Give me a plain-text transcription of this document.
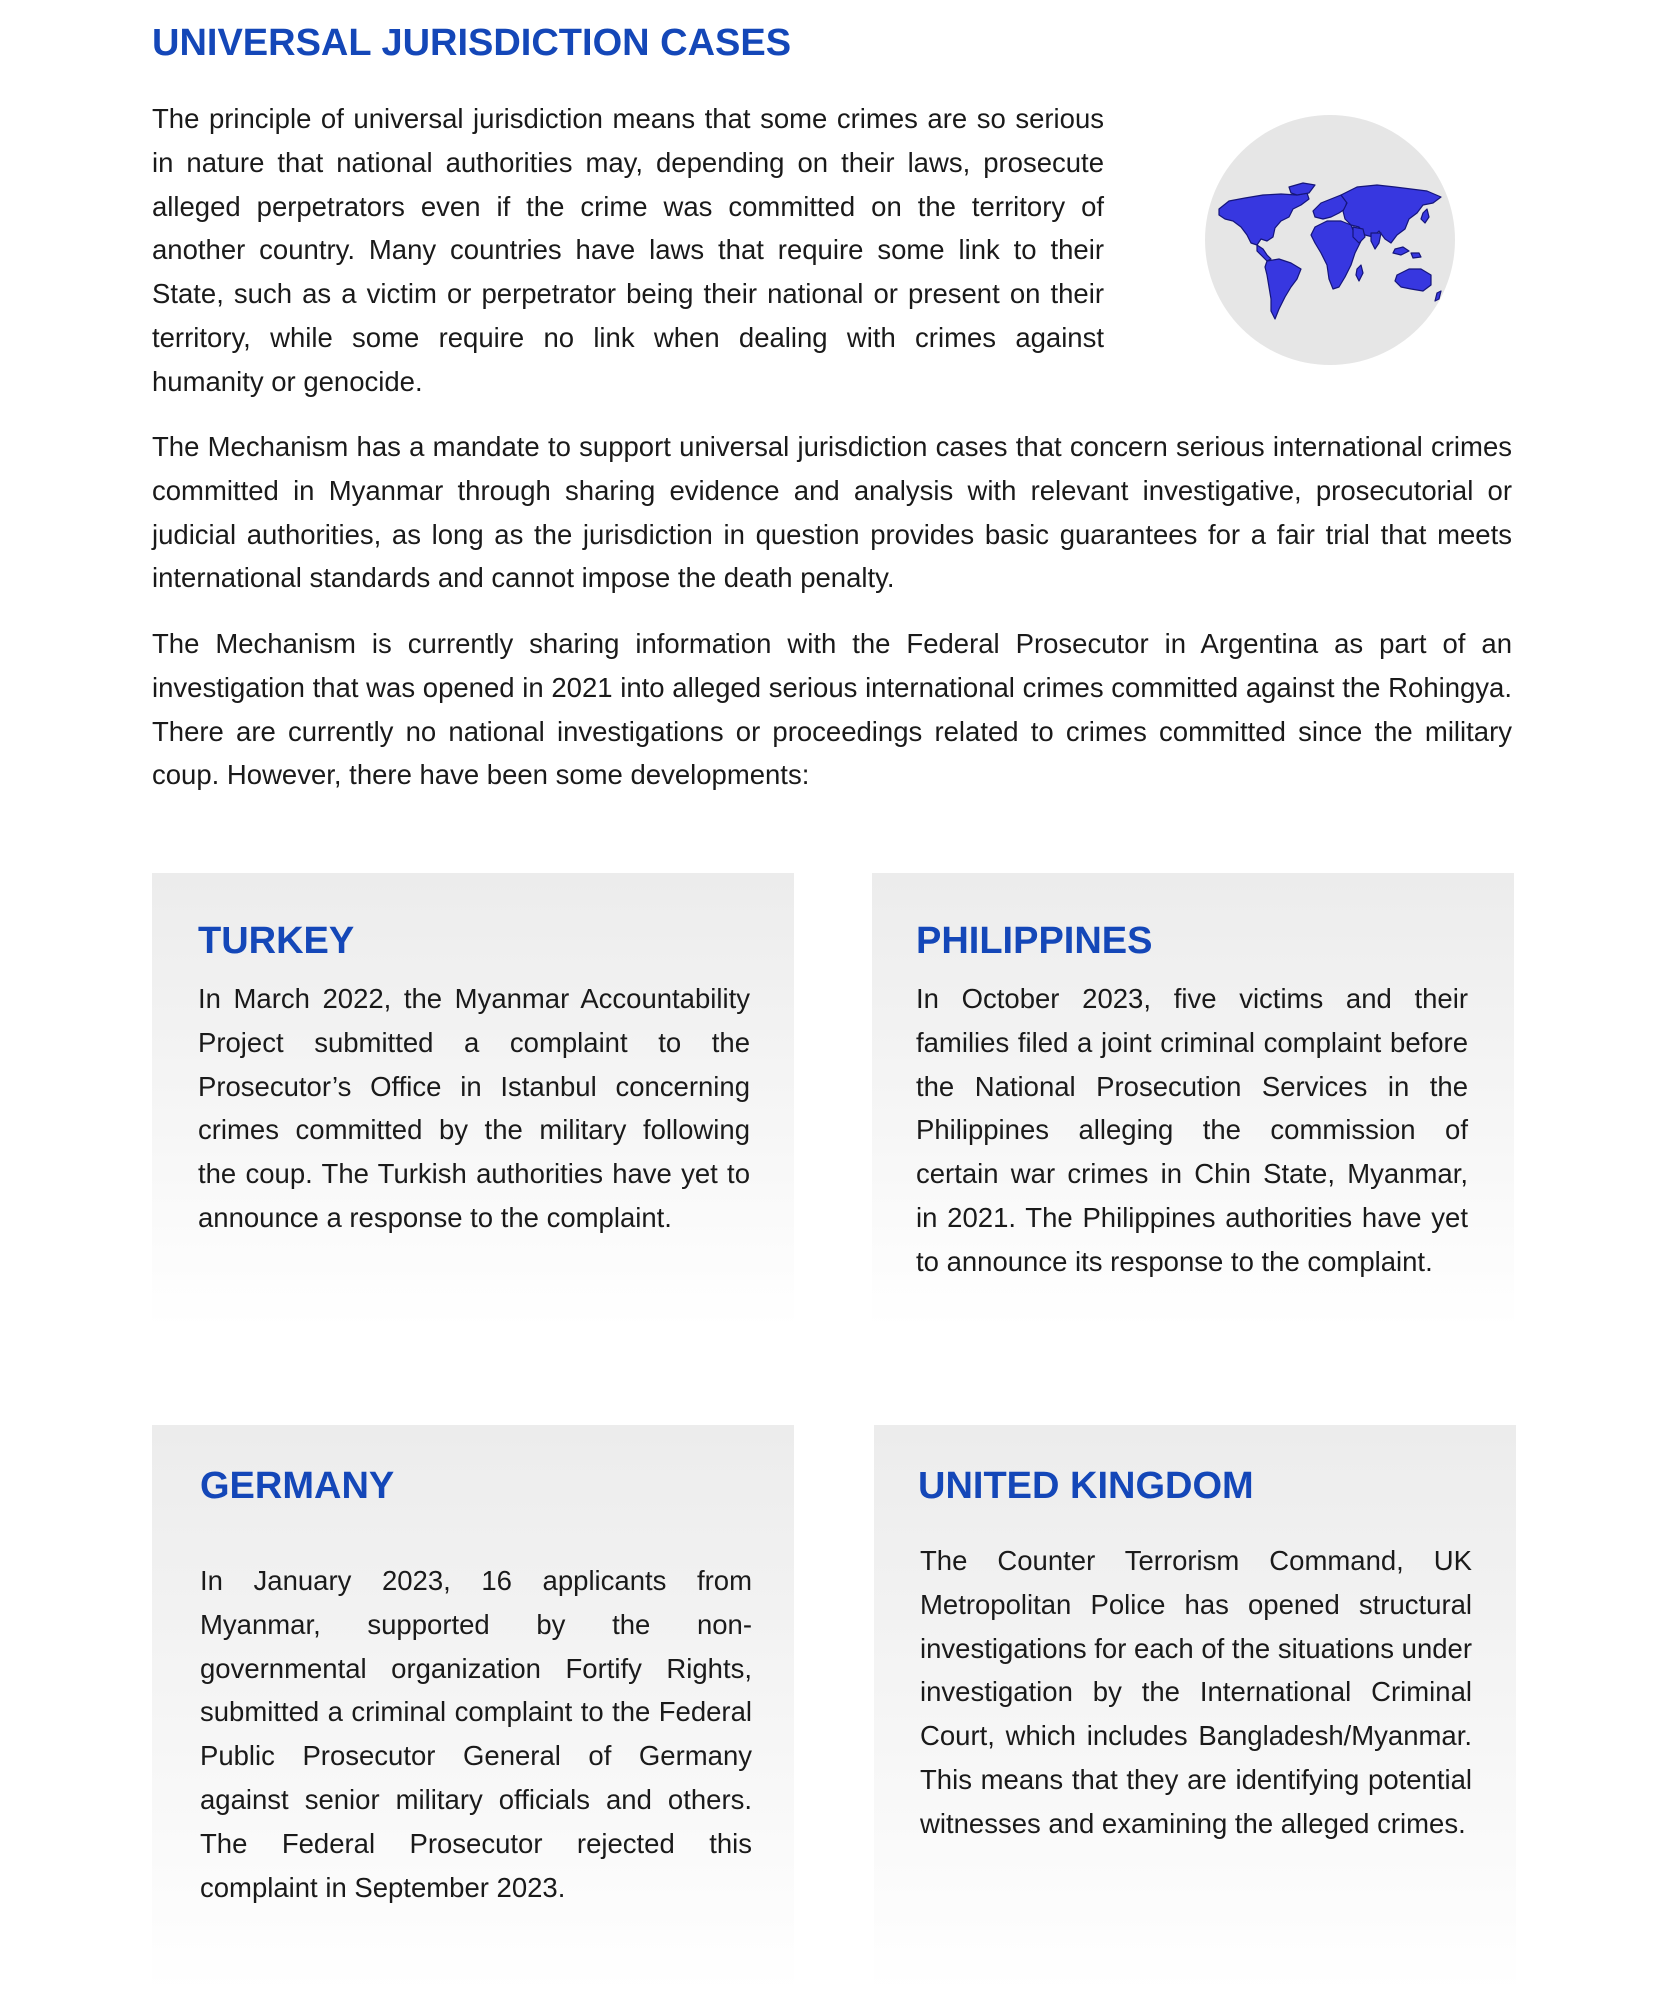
UNIVERSAL JURISDICTION CASES

The principle of universal jurisdiction means that some crimes are so serious in nature that national authorities may, depending on their laws, prosecute alleged perpetrators even if the crime was committed on the territory of another country. Many countries have laws that require some link to their State, such as a victim or perpetrator being their national or present on their territory, while some require no link when dealing with crimes against humanity or genocide.

The Mechanism has a mandate to support universal jurisdiction cases that concern serious international crimes committed in Myanmar through sharing evidence and analysis with relevant investigative, prosecutorial or judicial authorities, as long as the jurisdiction in question provides basic guarantees for a fair trial that meets international standards and cannot impose the death penalty.

The Mechanism is currently sharing information with the Federal Prosecutor in Argentina as part of an investigation that was opened in 2021 into alleged serious international crimes committed against the Rohingya. There are currently no national investigations or proceedings related to crimes committed since the military coup. However, there have been some developments:

TURKEY

In March 2022, the Myanmar Accountability Project submitted a complaint to the Prosecutor’s Office in Istanbul concerning crimes committed by the military following the coup. The Turkish authorities have yet to announce a response to the complaint.

PHILIPPINES

In October 2023, five victims and their families filed a joint criminal complaint before the National Prosecution Services in the Philippines alleging the commission of certain war crimes in Chin State, Myanmar, in 2021. The Philippines authorities have yet to announce its response to the complaint.

GERMANY

In January 2023, 16 applicants from Myanmar, supported by the non-governmental organization Fortify Rights, submitted a criminal complaint to the Federal Public Prosecutor General of Germany against senior military officials and others. The Federal Prosecutor rejected this complaint in September 2023.

UNITED KINGDOM

The Counter Terrorism Command, UK Metropolitan Police has opened structural investigations for each of the situations under investigation by the International Criminal Court, which includes Bangladesh/Myanmar. This means that they are identifying potential witnesses and examining the alleged crimes.
